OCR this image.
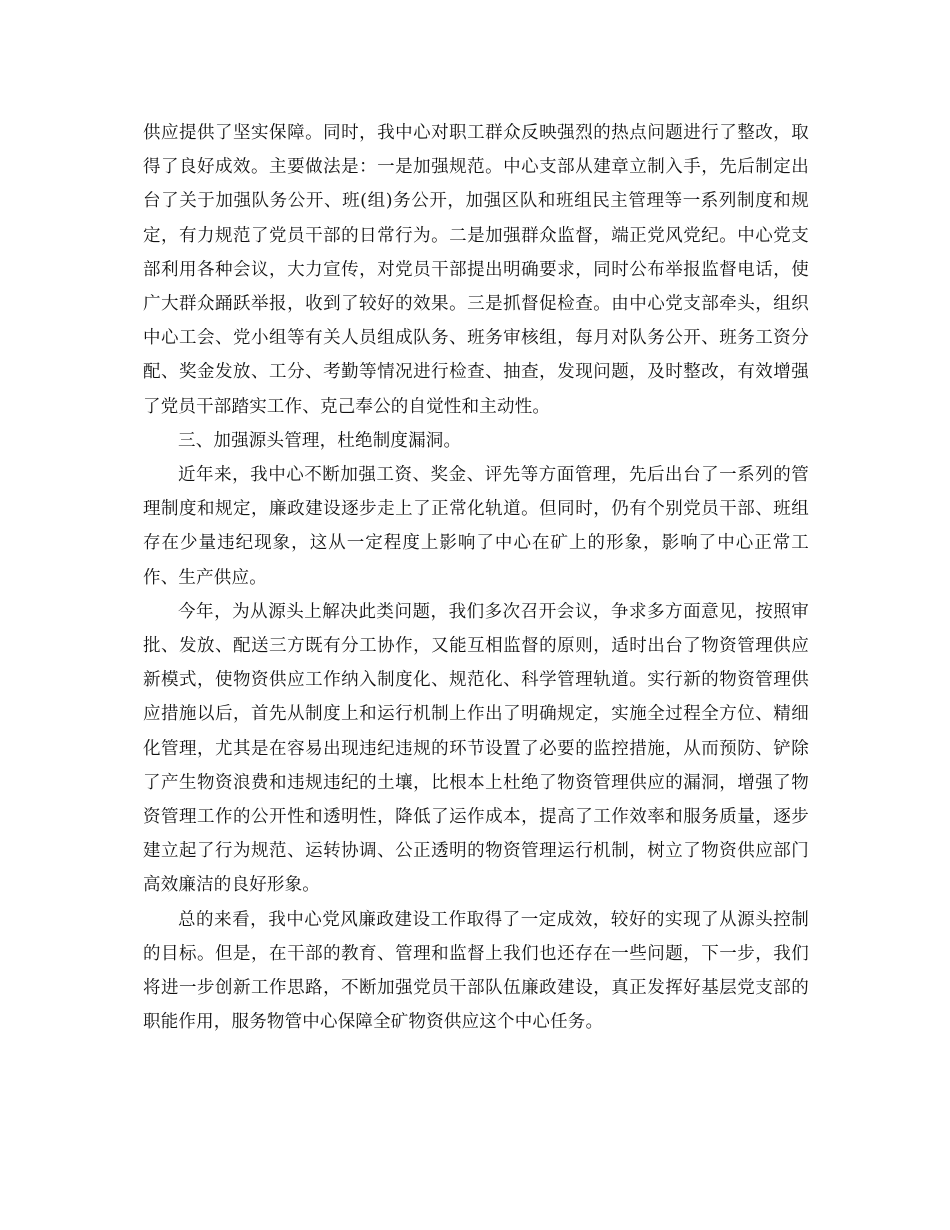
供应提供了坚实保障。同时，我中心对职工群众反映强烈的热点问题进行了整改，取得了良好成效。主要做法是：一是加强规范。中心支部从建章立制入手，先后制定出台了关于加强队务公开、班(组)务公开，加强区队和班组民主管理等一系列制度和规定，有力规范了党员干部的日常行为。二是加强群众监督，端正党风党纪。中心党支部利用各种会议，大力宣传，对党员干部提出明确要求，同时公布举报监督电话，使广大群众踊跃举报，收到了较好的效果。三是抓督促检查。由中心党支部牵头，组织中心工会、党小组等有关人员组成队务、班务审核组，每月对队务公开、班务工资分配、奖金发放、工分、考勤等情况进行检查、抽查，发现问题，及时整改，有效增强了党员干部踏实工作、克己奉公的自觉性和主动性。

三、加强源头管理，杜绝制度漏洞。

近年来，我中心不断加强工资、奖金、评先等方面管理，先后出台了一系列的管理制度和规定，廉政建设逐步走上了正常化轨道。但同时，仍有个别党员干部、班组存在少量违纪现象，这从一定程度上影响了中心在矿上的形象，影响了中心正常工作、生产供应。

今年，为从源头上解决此类问题，我们多次召开会议，争求多方面意见，按照审批、发放、配送三方既有分工协作，又能互相监督的原则，适时出台了物资管理供应新模式，使物资供应工作纳入制度化、规范化、科学管理轨道。实行新的物资管理供应措施以后，首先从制度上和运行机制上作出了明确规定，实施全过程全方位、精细化管理，尤其是在容易出现违纪违规的环节设置了必要的监控措施，从而预防、铲除了产生物资浪费和违规违纪的土壤，比根本上杜绝了物资管理供应的漏洞，增强了物资管理工作的公开性和透明性，降低了运作成本，提高了工作效率和服务质量，逐步建立起了行为规范、运转协调、公正透明的物资管理运行机制，树立了物资供应部门高效廉洁的良好形象。

总的来看，我中心党风廉政建设工作取得了一定成效，较好的实现了从源头控制的目标。但是，在干部的教育、管理和监督上我们也还存在一些问题，下一步，我们将进一步创新工作思路，不断加强党员干部队伍廉政建设，真正发挥好基层党支部的职能作用，服务物管中心保障全矿物资供应这个中心任务。
